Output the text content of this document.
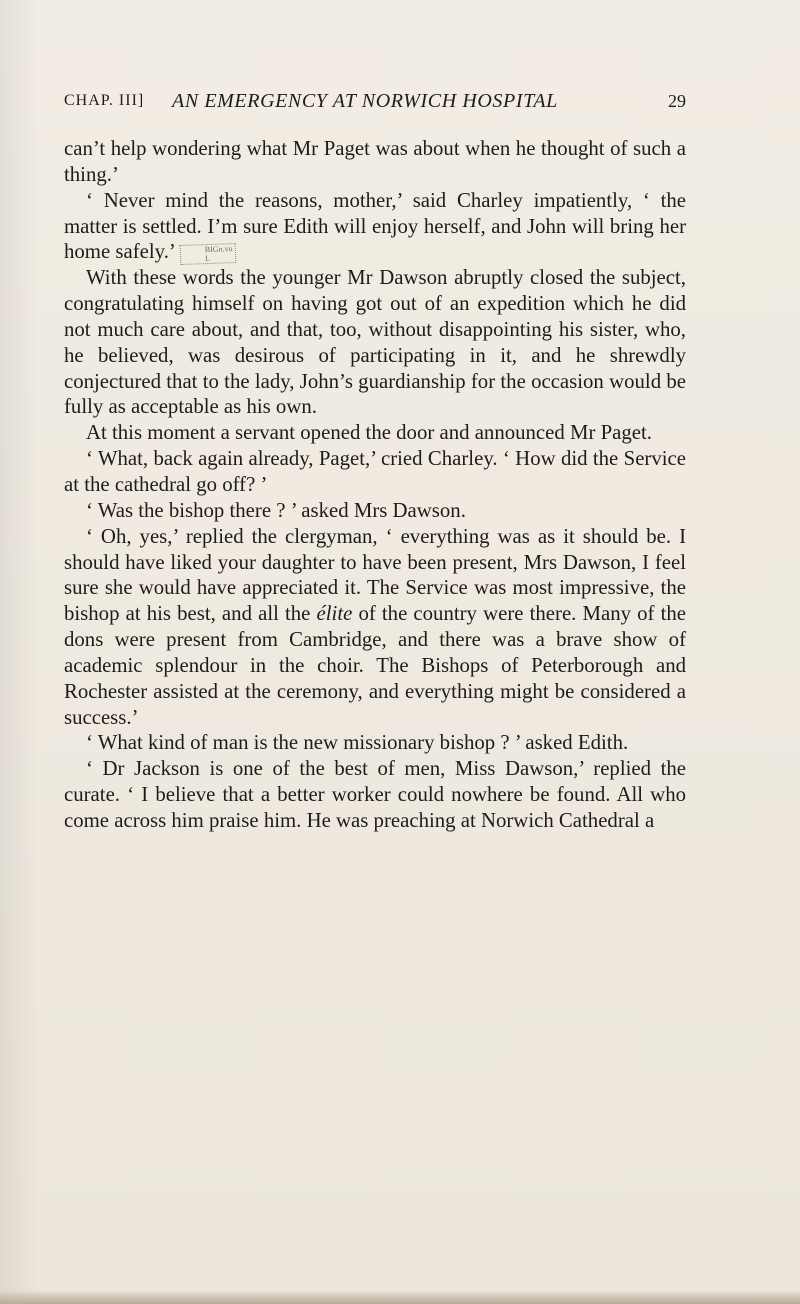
CHAP. III] AN EMERGENCY AT NORWICH HOSPITAL	29

can’t help wondering what Mr Paget was about when he thought of such a thing.’

‘ Never mind the reasons, mother,’ said Charley impatiently, ‘ the matter is settled. I’m sure Edith will enjoy herself, and John will bring her home safely.’	BIGn.vu
L

With these words the younger Mr Dawson abruptly closed the subject, congratulating himself on having got out of an expedition which he did not much care about, and that, too, without disappointing his sister, who, he believed, was desirous of participating in it, and he shrewdly conjectured that to the lady, John’s guardianship for the occasion would be fully as acceptable as his own.

At this moment a servant opened the door and announced Mr Paget.

‘ What, back again already, Paget,’ cried Charley. ‘ How did the Service at the cathedral go off? ’

‘ Was the bishop there ? ’ asked Mrs Dawson.

‘ Oh, yes,’ replied the clergyman, ‘ everything was as it should be. I should have liked your daughter to have been present, Mrs Dawson, I feel sure she would have appreciated it. The Service was most impressive, the bishop at his best, and all the élite of the country were there. Many of the dons were present from Cambridge, and there was a brave show of academic splendour in the choir. The Bishops of Peterborough and Rochester assisted at the ceremony, and everything might be considered a success.’

‘ What kind of man is the new missionary bishop ? ’ asked Edith.

‘ Dr Jackson is one of the best of men, Miss Dawson,’ replied the curate. ‘ I believe that a better worker could nowhere be found. All who come across him praise him. He was preaching at Norwich Cathedral a
